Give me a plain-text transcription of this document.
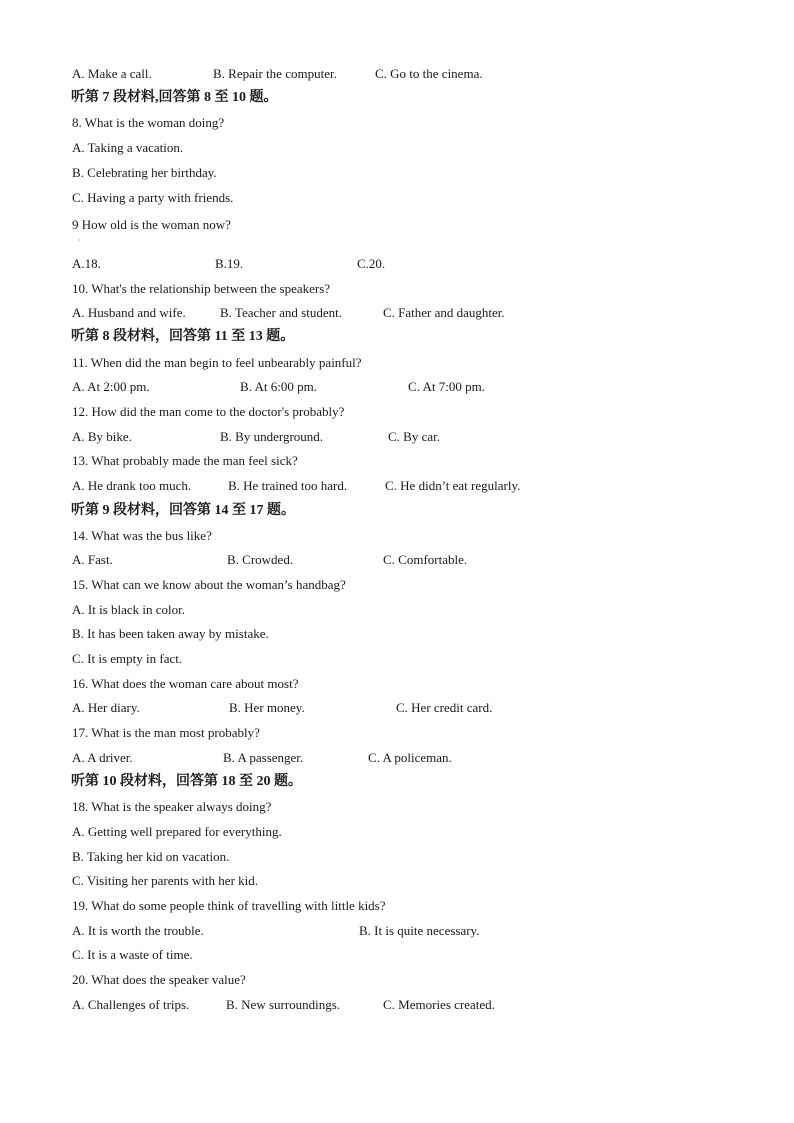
A. Make a call.	B. Repair the computer.	C. Go to the cinema.
听第 7 段材料,回答第 8 至 10 题。
8. What is the woman doing?
A. Taking a vacation.
B. Celebrating her birthday.
C. Having a party with friends.
9 How old is the woman now?
·
A.18.	B.19.	C.20.
10. What's the relationship between the speakers?
A. Husband and wife.	B. Teacher and student.	C. Father and daughter.
听第 8 段材料，回答第 11 至 13 题。
11. When did the man begin to feel unbearably painful?
A. At 2:00 pm.	B. At 6:00 pm.	C. At 7:00 pm.
12. How did the man come to the doctor's probably?
A. By bike.	B. By underground.	C. By car.
13. What probably made the man feel sick?
A. He drank too much.	B. He trained too hard.	C. He didn’t eat regularly.
听第 9 段材料，回答第 14 至 17 题。
14. What was the bus like?
A. Fast.	B. Crowded.	C. Comfortable.
15. What can we know about the woman’s handbag?
A. It is black in color.
B. It has been taken away by mistake.
C. It is empty in fact.
16. What does the woman care about most?
A. Her diary.	B. Her money.	C. Her credit card.
17. What is the man most probably?
A. A driver.	B. A passenger.	C. A policeman.
听第 10 段材料，回答第 18 至 20 题。
18. What is the speaker always doing?
A. Getting well prepared for everything.
B. Taking her kid on vacation.
C. Visiting her parents with her kid.
19. What do some people think of travelling with little kids?
A. It is worth the trouble.	B. It is quite necessary.
C. It is a waste of time.
20. What does the speaker value?
A. Challenges of trips.	B. New surroundings.	C. Memories created.
